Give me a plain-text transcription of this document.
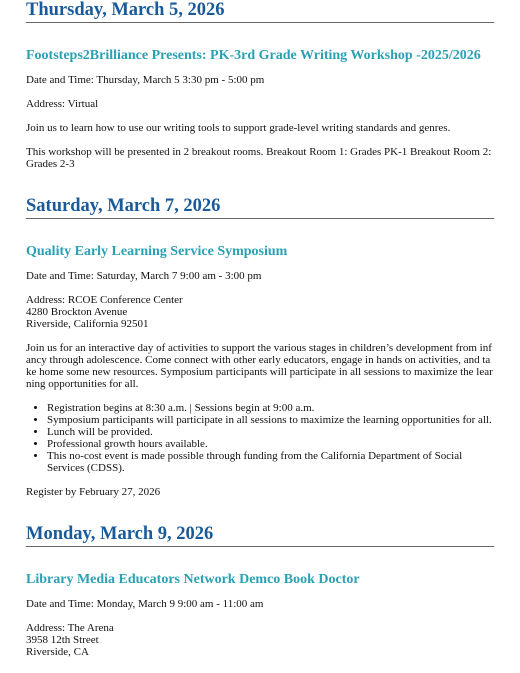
Thursday, March 5, 2026
Footsteps2Brilliance Presents: PK-3rd Grade Writing Workshop -2025/2026

Date and Time: Thursday, March 5 3:30 pm - 5:00 pm

Address: Virtual

Join us to learn how to use our writing tools to support grade-level writing standards and genres.

This workshop will be presented in 2 breakout rooms. Breakout Room 1: Grades PK-1 Breakout Room 2: Grades 2-3

Saturday, March 7, 2026
Quality Early Learning Service Symposium

Date and Time: Saturday, March 7 9:00 am - 3:00 pm

Address: RCOE Conference Center

4280 Brockton Avenue

Riverside, California 92501

Join us for an interactive day of activities to support the various stages in children’s development from infancy through adolescence. Come connect with other early educators, engage in hands on activities, and take home some new resources. Symposium participants will participate in all sessions to maximize the learning opportunities for all.

• Registration begins at 8:30 a.m. | Sessions begin at 9:00 a.m.
• Symposium participants will participate in all sessions to maximize the learning opportunities for all.
• Lunch will be provided.
• Professional growth hours available.
• This no-cost event is made possible through funding from the California Department of Social Services (CDSS).

Register by February 27, 2026

Monday, March 9, 2026
Library Media Educators Network Demco Book Doctor

Date and Time: Monday, March 9 9:00 am - 11:00 am

Address: The Arena

3958 12th Street

Riverside, CA
